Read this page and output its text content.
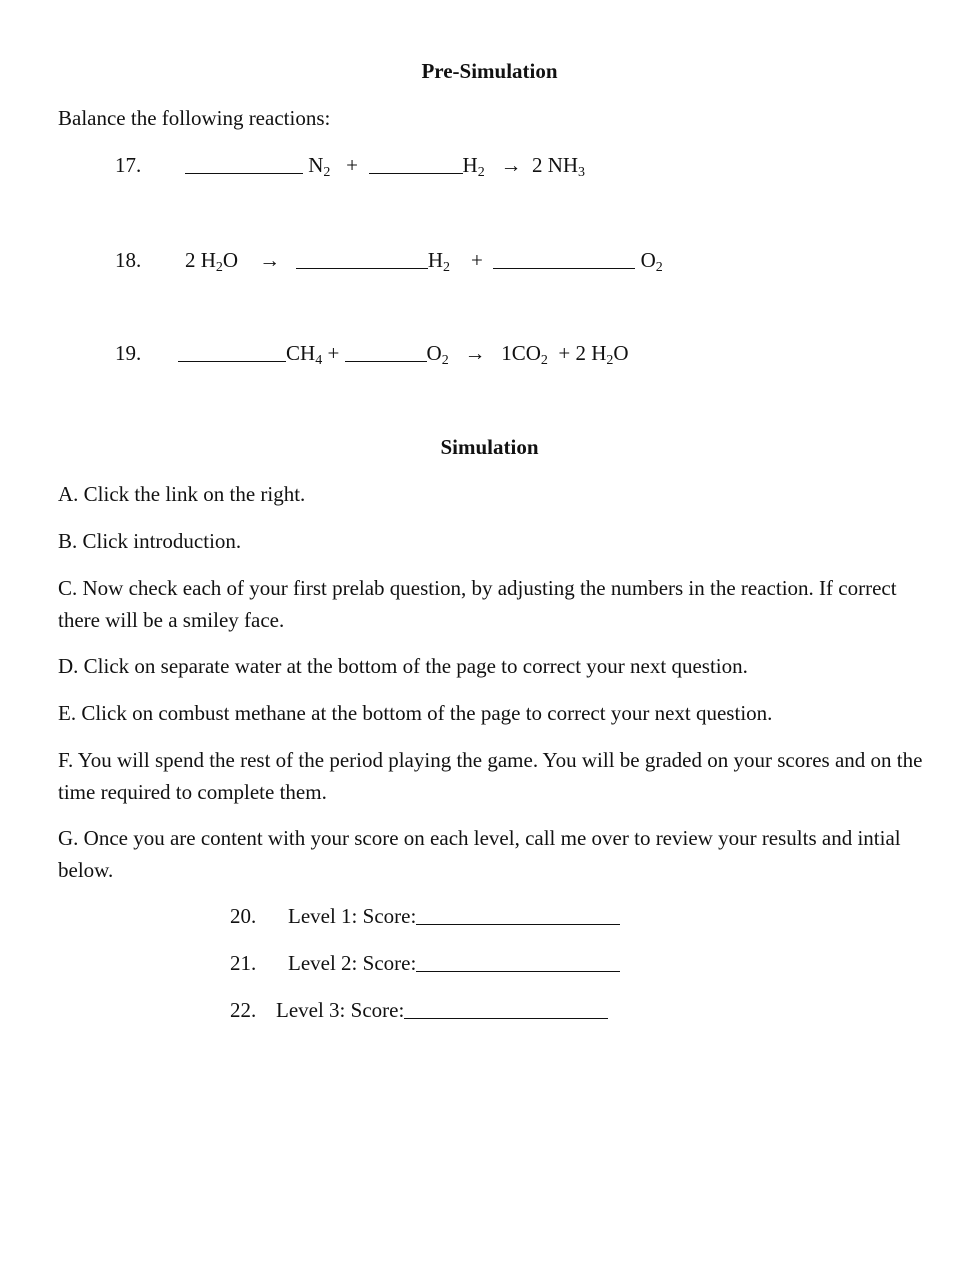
Pre-Simulation
Balance the following reactions:
17.	$N_2$ +	$H_2 \to 2$ $NH_3$
18. 2 $H_2O$ →	$H_2$ +	$O_2$
19.	$CH_4$ +	$O_2 \to 1CO_2 + 2$ $H_2O$
Simulation
A. Click the link on the right.
B. Click introduction.
C. Now check each of your first prelab question, by adjusting the numbers in the reaction. If correct there will be a smiley face.
D. Click on separate water at the bottom of the page to correct your next question.
E. Click on combust methane at the bottom of the page to correct your next question.
F. You will spend the rest of the period playing the game. You will be graded on your scores and on the time required to complete them.
G. Once you are content with your score on each level, call me over to review your results and intial below.
20. Level 1: Score:
21. Level 2: Score:
22. Level 3: Score:
